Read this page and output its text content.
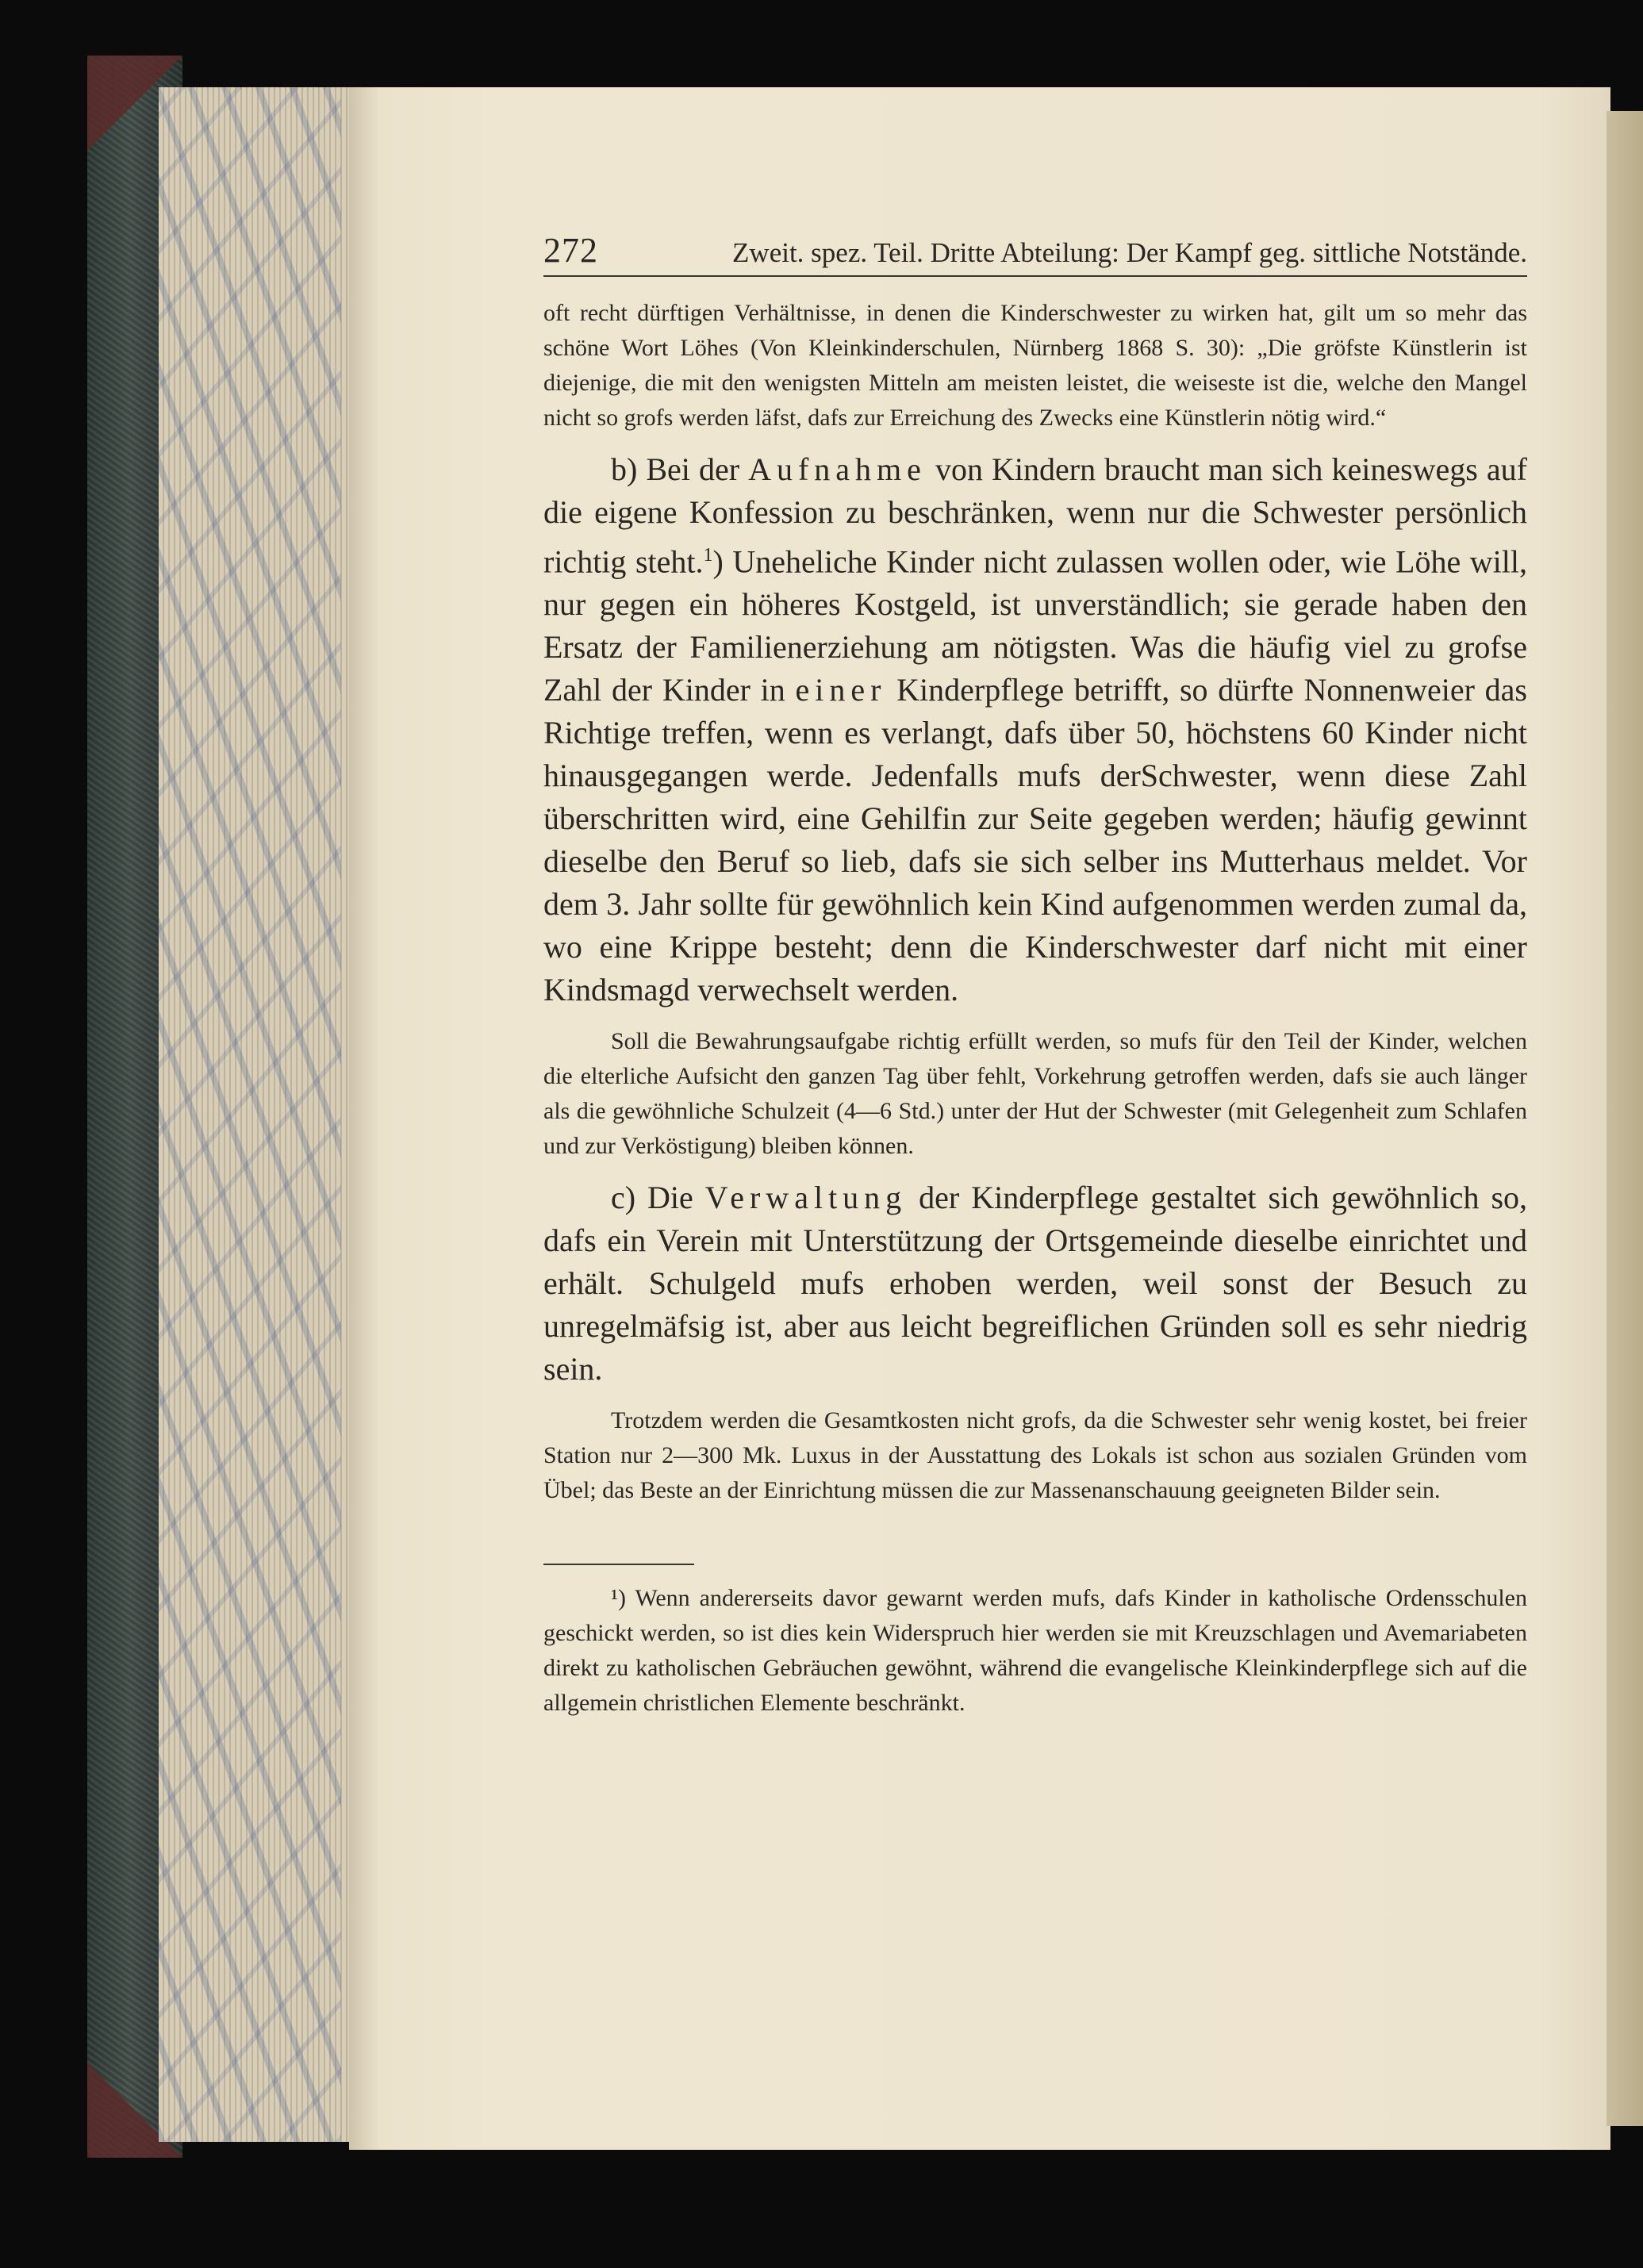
272	Zweit. spez. Teil. Dritte Abteilung: Der Kampf geg. sittliche Notstände.

oft recht dürftigen Verhältnisse, in denen die Kinderschwester zu wirken hat, gilt um so mehr das schöne Wort Löhes (Von Kleinkinderschulen, Nürnberg 1868 S. 30): „Die gröfste Künstlerin ist diejenige, die mit den wenigsten Mitteln am meisten leistet, die weiseste ist die, welche den Mangel nicht so grofs werden läfst, dafs zur Erreichung des Zwecks eine Künstlerin nötig wird.“

b) Bei der Aufnahme von Kindern braucht man sich keineswegs auf die eigene Konfession zu beschränken, wenn nur die Schwester persönlich richtig steht.$^1$) Uneheliche Kinder nicht zulassen wollen oder, wie Löhe will, nur gegen ein höheres Kostgeld, ist unverständlich; sie gerade haben den Ersatz der Familienerziehung am nötigsten. Was die häufig viel zu grofse Zahl der Kinder in einer Kinderpflege betrifft, so dürfte Nonnenweier das Richtige treffen, wenn es verlangt, dafs über 50, höchstens 60 Kinder nicht hinausgegangen werde. Jedenfalls mufs derSchwester, wenn diese Zahl überschritten wird, eine Gehilfin zur Seite gegeben werden; häufig gewinnt dieselbe den Beruf so lieb, dafs sie sich selber ins Mutterhaus meldet. Vor dem 3. Jahr sollte für gewöhnlich kein Kind aufgenommen werden zumal da, wo eine Krippe besteht; denn die Kinderschwester darf nicht mit einer Kindsmagd verwechselt werden.

Soll die Bewahrungsaufgabe richtig erfüllt werden, so mufs für den Teil der Kinder, welchen die elterliche Aufsicht den ganzen Tag über fehlt, Vorkehrung getroffen werden, dafs sie auch länger als die gewöhnliche Schulzeit (4—6 Std.) unter der Hut der Schwester (mit Gelegenheit zum Schlafen und zur Verköstigung) bleiben können.

c) Die Verwaltung der Kinderpflege gestaltet sich gewöhnlich so, dafs ein Verein mit Unterstützung der Ortsgemeinde dieselbe einrichtet und erhält. Schulgeld mufs erhoben werden, weil sonst der Besuch zu unregelmäfsig ist, aber aus leicht begreiflichen Gründen soll es sehr niedrig sein.

Trotzdem werden die Gesamtkosten nicht grofs, da die Schwester sehr wenig kostet, bei freier Station nur 2—300 Mk. Luxus in der Ausstattung des Lokals ist schon aus sozialen Gründen vom Übel; das Beste an der Einrichtung müssen die zur Massenanschauung geeigneten Bilder sein.

¹) Wenn andererseits davor gewarnt werden mufs, dafs Kinder in katholische Ordensschulen geschickt werden, so ist dies kein Widerspruch hier werden sie mit Kreuzschlagen und Avemariabeten direkt zu katholischen Gebräuchen gewöhnt, während die evangelische Kleinkinderpflege sich auf die allgemein christlichen Elemente beschränkt.
